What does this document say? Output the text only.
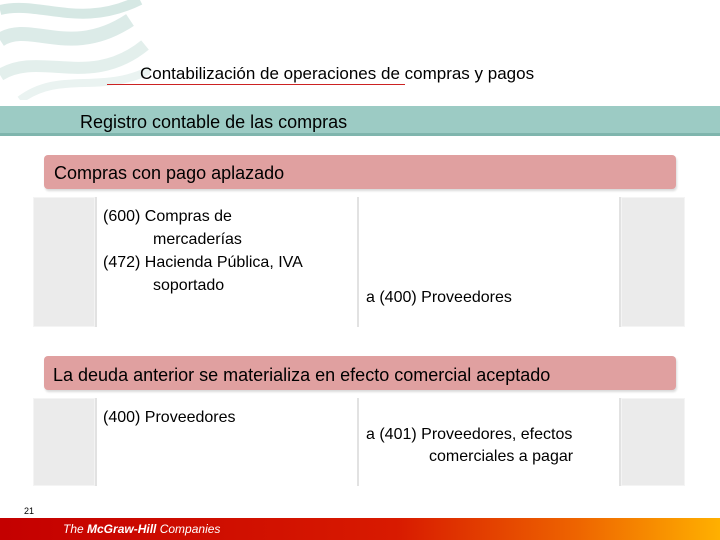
Contabilización de operaciones de compras y pagos
Registro contable de las compras
Compras con pago aplazado
(600) Compras de
mercaderías
(472) Hacienda Pública, IVA
soportado
a (400) Proveedores
La deuda anterior se materializa en efecto comercial aceptado
(400) Proveedores
a (401) Proveedores, efectos
comerciales a pagar
21
The McGraw-Hill Companies
